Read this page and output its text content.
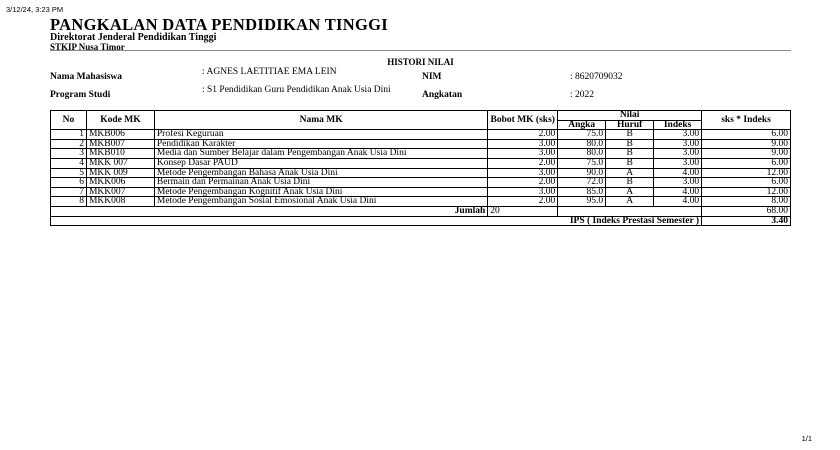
3/12/24, 3:23 PM
PANGKALAN DATA PENDIDIKAN TINGGI
Direktorat Jenderal Pendidikan Tinggi
STKIP Nusa Timor
HISTORI NILAI
Nama Mahasiswa	: AGNES LAETITIAE EMA LEIN	NIM	: 8620709032
Program Studi	: S1 Pendidikan Guru Pendidikan Anak Usia Dini	Angkatan	: 2022
No	Kode MK	Nama MK	Bobot MK (sks)	Nilai			sks * Indeks
				Angka	Huruf	Indeks	
1	MKB006	Profesi Keguruan	2.00	75.0	B	3.00	6.00
2	MKB007	Pendidikan Karakter	3.00	80.0	B	3.00	9.00
3	MKB010	Media dan Sumber Belajar dalam Pengembangan Anak Usia Dini	3.00	80.0	B	3.00	9.00
4	MKK 007	Konsep Dasar PAUD	2.00	75.0	B	3.00	6.00
5	MKK 009	Metode Pengembangan Bahasa Anak Usia Dini	3.00	90.0	A	4.00	12.00
6	MKK006	Bermain dan Permainan Anak Usia Dini	2.00	72.0	B	3.00	6.00
7	MKK007	Metode Pengembangan Kognitif Anak Usia Dini	3.00	85.0	A	4.00	12.00
8	MKK008	Metode Pengembangan Sosial Emosional Anak Usia Dini	2.00	95.0	A	4.00	8.00
Jumlah			20				68.00
IPS ( Indeks Prestasi Semester )							3.40
1/1
